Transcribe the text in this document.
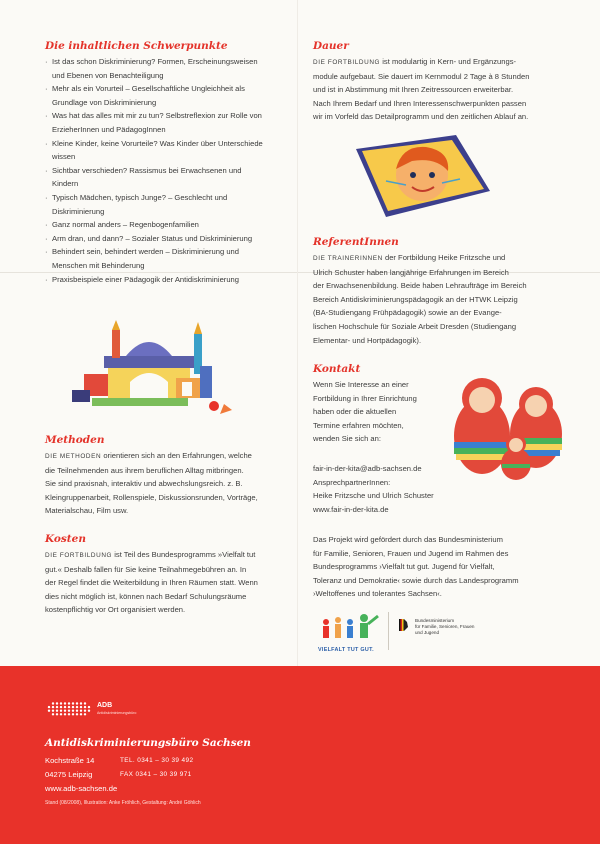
Die inhaltlichen Schwerpunkte
· Ist das schon Diskriminierung? Formen, Erscheinungsweisen
und Ebenen von Benachteiligung
· Mehr als ein Vorurteil – Gesellschaftliche Ungleichheit als
Grundlage von Diskriminierung
· Was hat das alles mit mir zu tun? Selbstreflexion zur Rolle von
ErzieherInnen und PädagogInnen
· Kleine Kinder, keine Vorurteile? Was Kinder über Unterschiede
wissen
· Sichtbar verschieden? Rassismus bei Erwachsenen und
Kindern
· Typisch Mädchen, typisch Junge? – Geschlecht und
Diskriminierung
· Ganz normal anders – Regenbogenfamilien
· Arm dran, und dann? – Sozialer Status und Diskriminierung
· Behindert sein, behindert werden – Diskriminierung und
Menschen mit Behinderung
· Praxisbeispiele einer Pädagogik der Antidiskriminierung
Methoden
DIE METHODEN orientieren sich an den Erfahrungen, welche
die Teilnehmenden aus ihrem beruflichen Alltag mitbringen.
Sie sind praxisnah, interaktiv und abwechslungsreich. z. B.
Kleingruppenarbeit, Rollenspiele, Diskussionsrunden, Vorträge,
Materialschau, Film usw.
Kosten
DIE FORTBILDUNG ist Teil des Bundesprogramms »Vielfalt tut
gut.« Deshalb fallen für Sie keine Teilnahmegebühren an. In
der Regel findet die Weiterbildung in Ihren Räumen statt. Wenn
dies nicht möglich ist, können nach Bedarf Schulungsräume
kostenpflichtig vor Ort organisiert werden.
Dauer
DIE FORTBILDUNG ist modulartig in Kern- und Ergänzungs-
module aufgebaut. Sie dauert im Kernmodul 2 Tage à 8 Stunden
und ist in Abstimmung mit Ihren Zeitressourcen erweiterbar.
Nach Ihrem Bedarf und Ihren Interessenschwerpunkten passen
wir im Vorfeld das Detailprogramm und den zeitlichen Ablauf an.
ReferentInnen
DIE TRAINERINNEN der Fortbildung Heike Fritzsche und
Ulrich Schuster haben langjährige Erfahrungen im Bereich
der Erwachsenenbildung. Beide haben Lehraufträge im Bereich
Bereich Antidiskriminierungspädagogik an der HTWK Leipzig
(BA-Studiengang Frühpädagogik) sowie an der Evange-
lischen Hochschule für Soziale Arbeit Dresden (Studiengang
Elementar- und Hortpädagogik).
Kontakt
Wenn Sie Interesse an einer
Fortbildung in Ihrer Einrichtung
haben oder die aktuellen
Termine erfahren möchten,
wenden Sie sich an:
fair-in-der-kita@adb-sachsen.de
AnsprechpartnerInnen:
Heike Fritzsche und Ulrich Schuster
www.fair-in-der-kita.de
Das Projekt wird gefördert durch das Bundesministerium
für Familie, Senioren, Frauen und Jugend im Rahmen des
Bundesprogramms ›Vielfalt tut gut. Jugend für Vielfalt,
Toleranz und Demokratie‹ sowie durch das Landesprogramm
›Weltoffenes und tolerantes Sachsen‹.
VIELFALT TUT GUT.
Bundesministerium
für Familie, Senioren, Frauen
und Jugend
ADB
Antidiskriminierungsbüro
Antidiskriminierungsbüro Sachsen
Kochstraße 14
04275 Leipzig
TEL. 0341 – 30 39 492
FAX 0341 – 30 39 971
www.adb-sachsen.de
Stand (08/2008), Illustration: Anke Fröhlich, Gestaltung: André Göhlich
